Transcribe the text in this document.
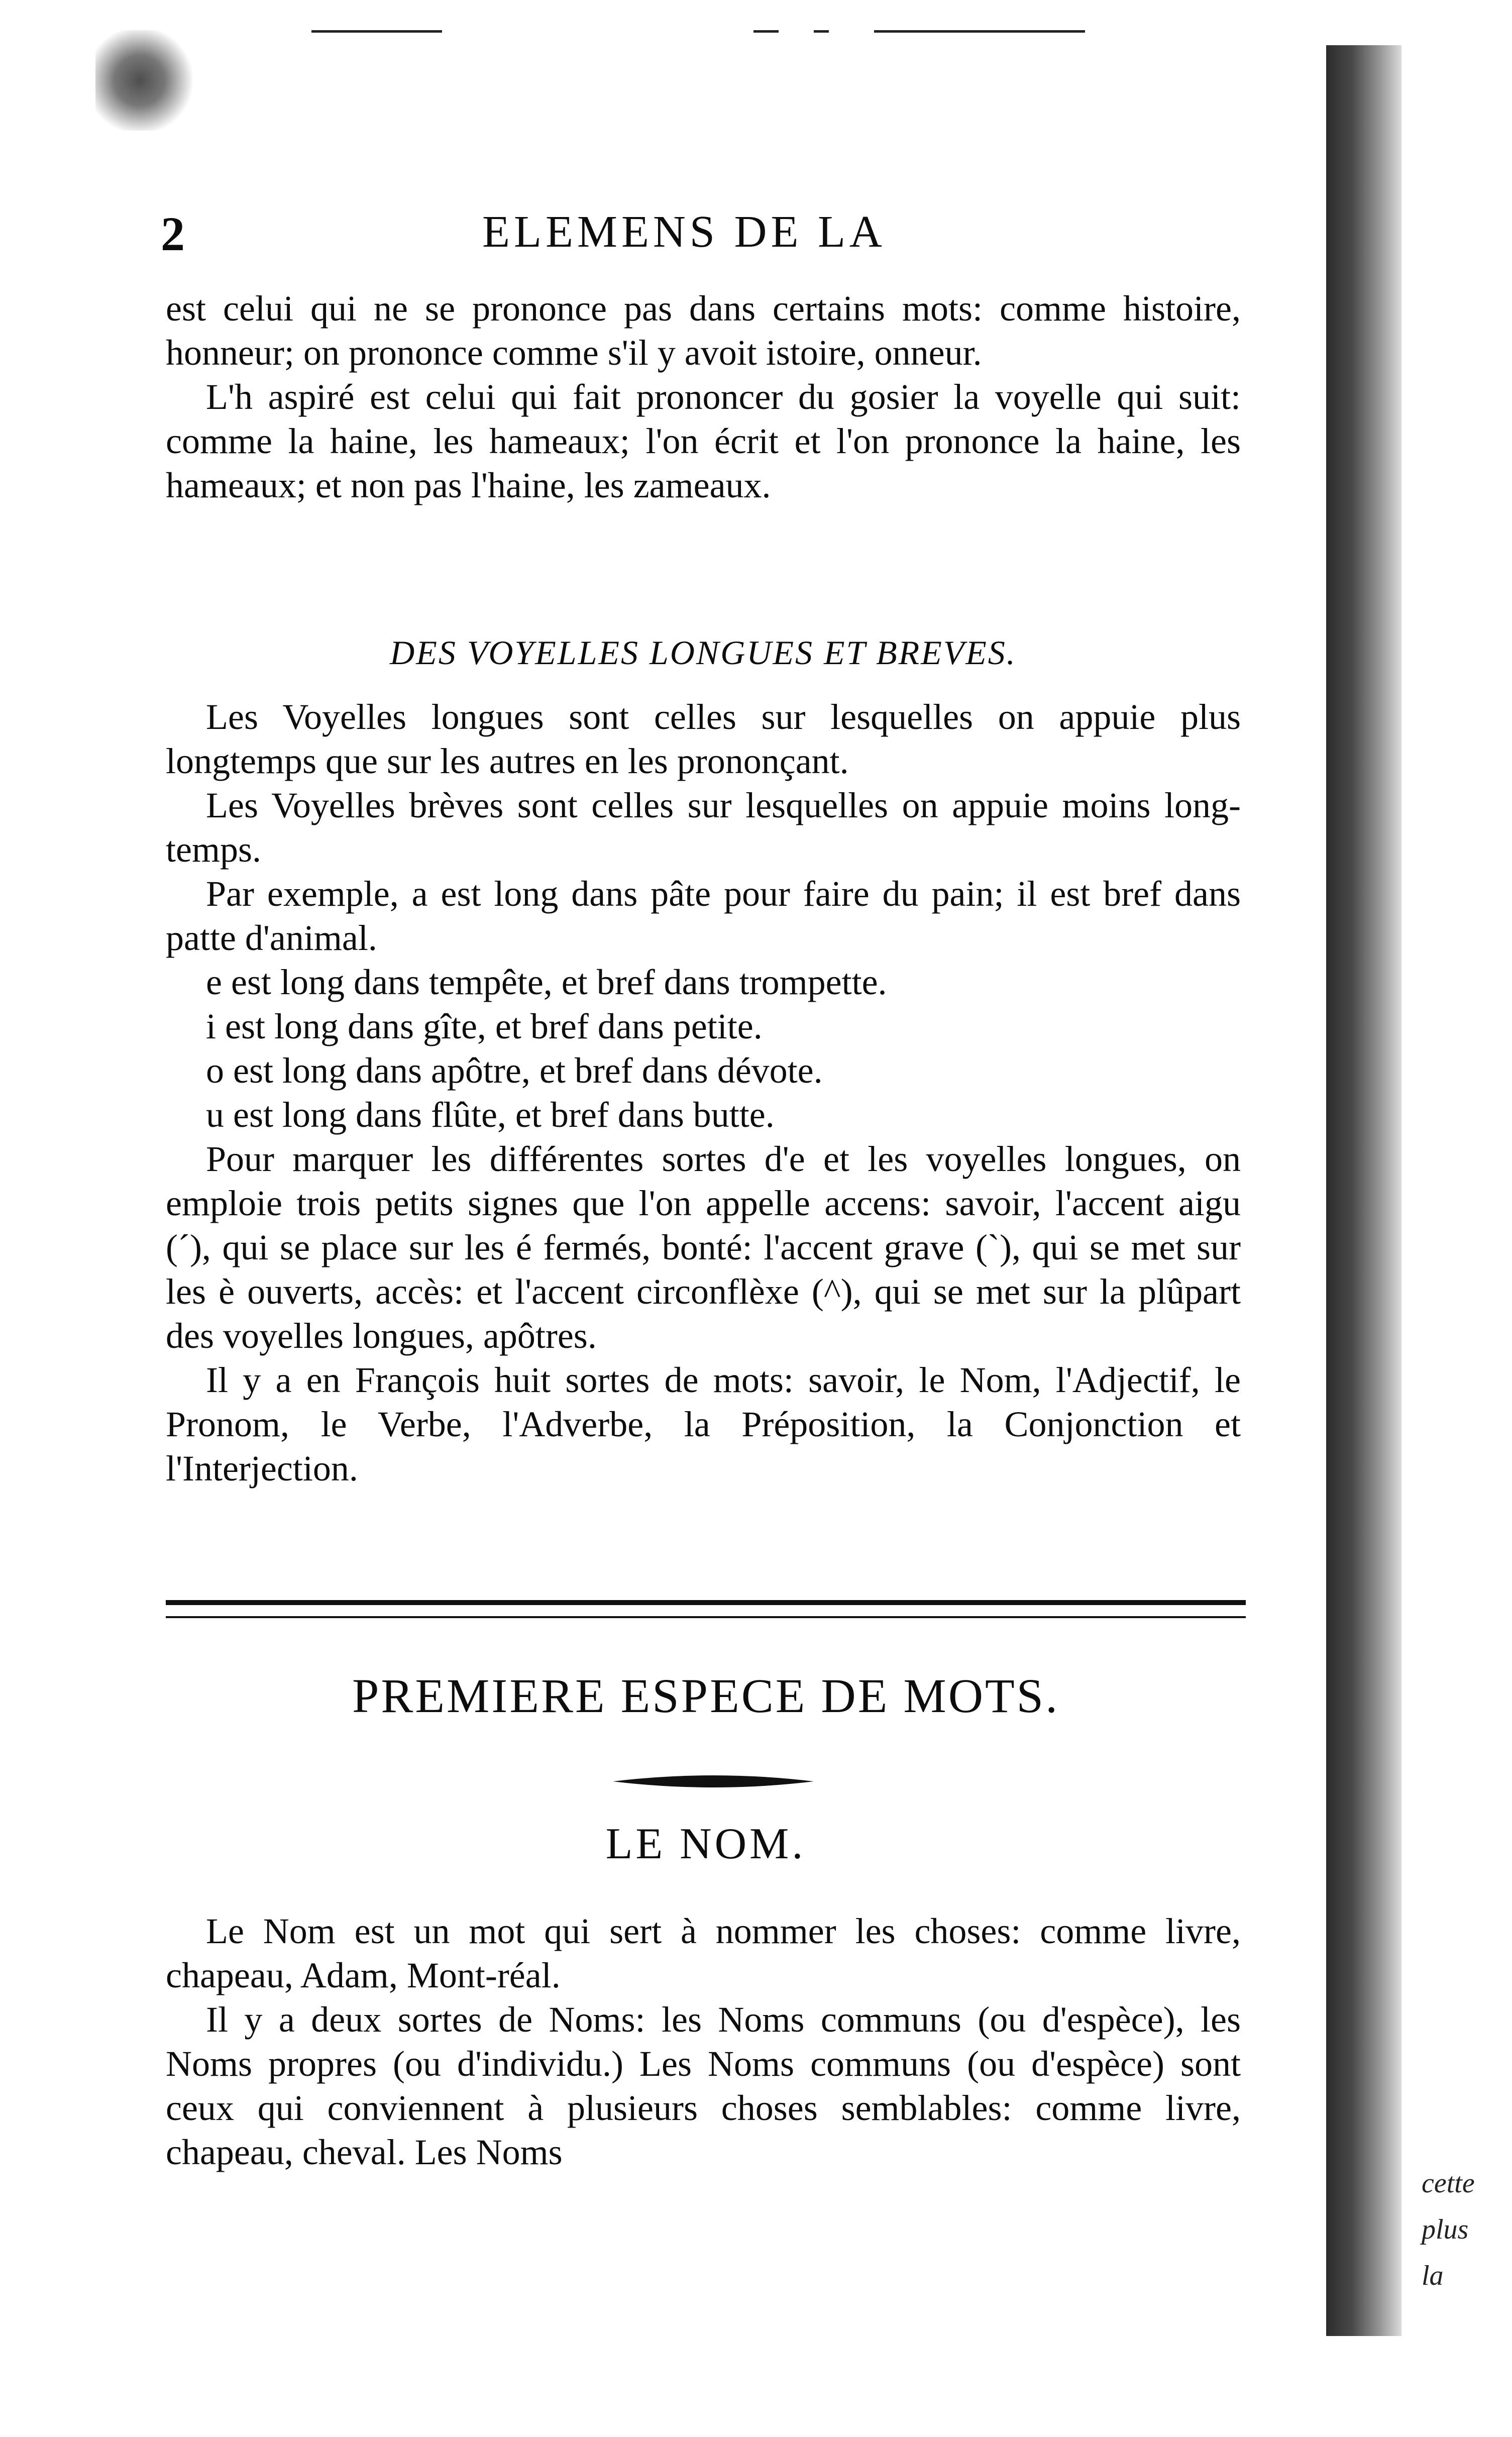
2	ELEMENS DE LA

est celui qui ne se prononce pas dans certains mots: comme histoire, honneur; on prononce comme s'il y avoit istoire, onneur.

L'h aspiré est celui qui fait prononcer du gosier la voyelle qui suit: comme la haine, les hameaux; l'on écrit et l'on prononce la haine, les hameaux; et non pas l'haine, les zameaux.

DES VOYELLES LONGUES ET BREVES.

Les Voyelles longues sont celles sur lesquelles on appuie plus longtemps que sur les autres en les prononçant.

Les Voyelles brèves sont celles sur lesquelles on appuie moins long-temps.

Par exemple, a est long dans pâte pour faire du pain; il est bref dans patte d'animal.

e est long dans tempête, et bref dans trompette.

i est long dans gîte, et bref dans petite.

o est long dans apôtre, et bref dans dévote.

u est long dans flûte, et bref dans butte.

Pour marquer les différentes sortes d'e et les voyelles longues, on emploie trois petits signes que l'on appelle accens: savoir, l'accent aigu (´), qui se place sur les é fermés, bonté: l'accent grave (`), qui se met sur les è ouverts, accès: et l'accent circonflèxe (^), qui se met sur la plûpart des voyelles longues, apôtres.

Il y a en François huit sortes de mots: savoir, le Nom, l'Adjectif, le Pronom, le Verbe, l'Adverbe, la Préposition, la Conjonction et l'Interjection.

PREMIERE ESPECE DE MOTS.
LE NOM.

Le Nom est un mot qui sert à nommer les choses: comme livre, chapeau, Adam, Mont-réal.

Il y a deux sortes de Noms: les Noms communs (ou d'espèce), les Noms propres (ou d'individu.) Les Noms communs (ou d'espèce) sont ceux qui conviennent à plusieurs choses semblables: comme livre, chapeau, cheval. Les Noms

cette
plus
la
